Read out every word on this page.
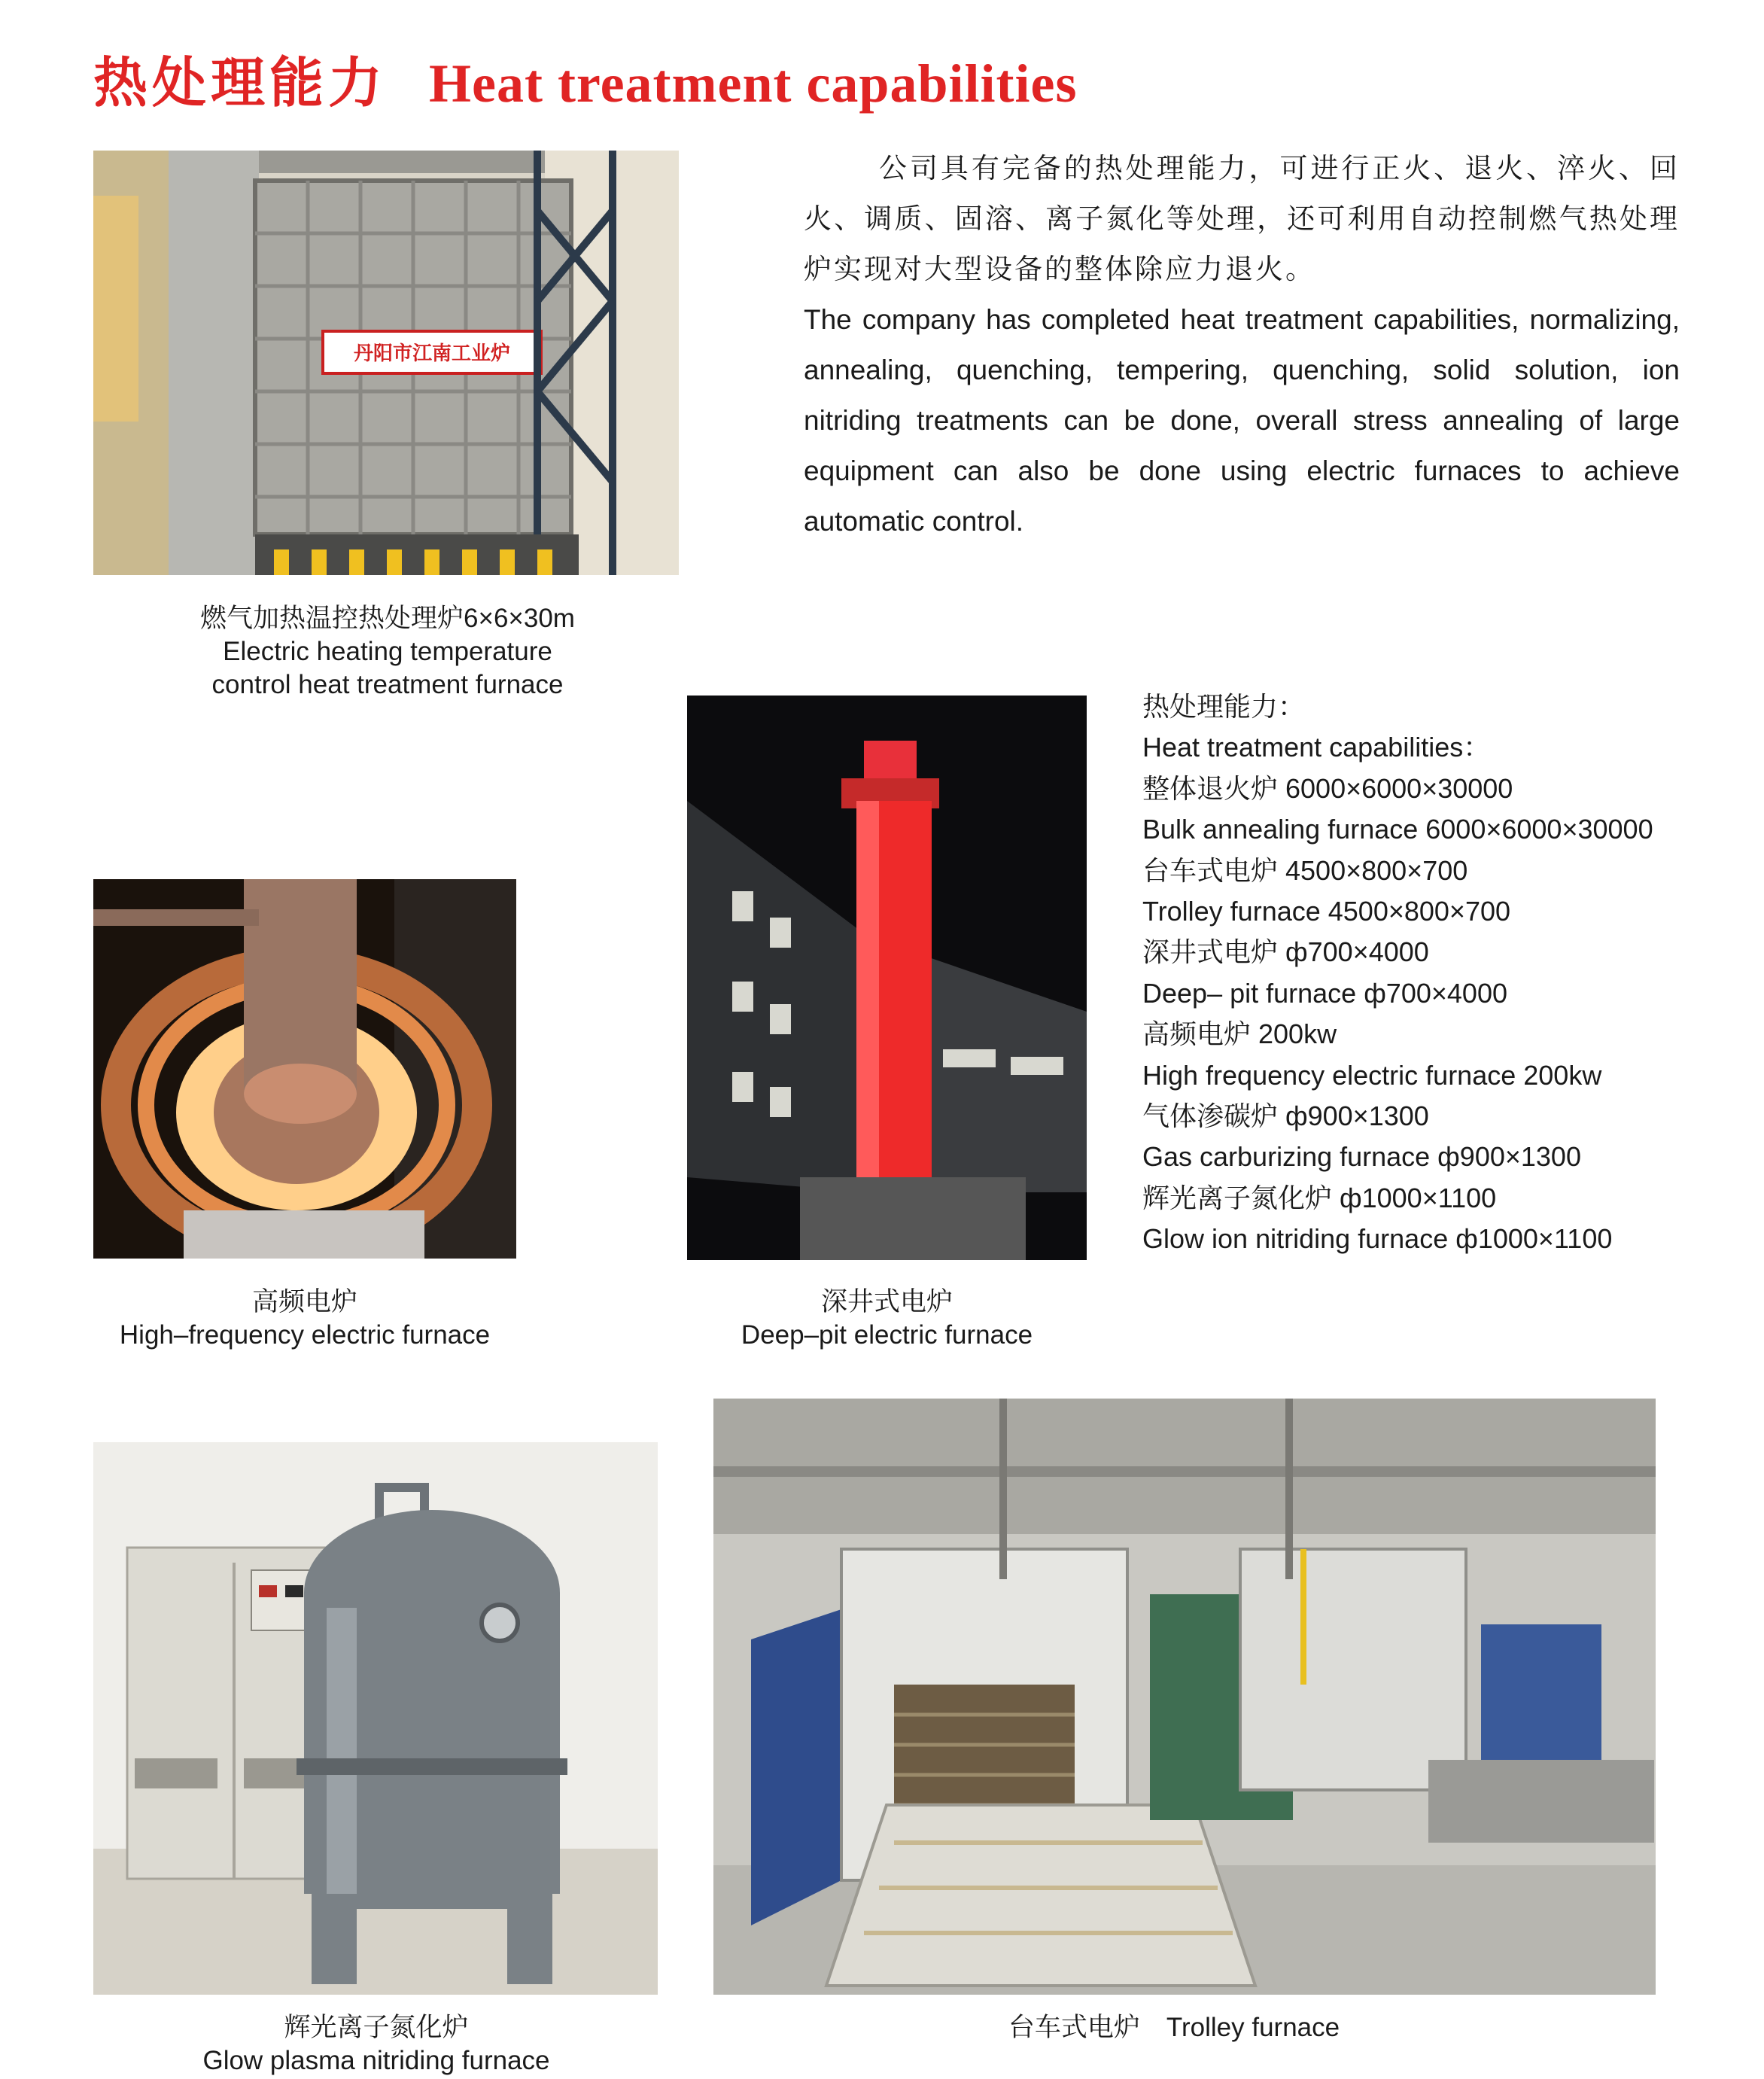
热处理能力 Heat treatment capabilities
丹阳市江南工业炉
燃气加热温控热处理炉6×6×30m
Electric heating temperature
control heat treatment furnace

公司具有完备的热处理能力，可进行正火、退火、淬火、回火、调质、固溶、离子氮化等处理，还可利用自动控制燃气热处理炉实现对大型设备的整体除应力退火。

The company has completed heat treatment capabilities, normalizing, annealing, quenching, tempering, quenching, solid solution, ion nitriding treatments can be done, overall stress annealing of large equipment can also be done using electric furnaces to achieve automatic control.

深井式电炉
Deep–pit electric furnace
热处理能力：
Heat treatment capabilities：
整体退火炉 6000×6000×30000
Bulk annealing furnace 6000×6000×30000
台车式电炉 4500×800×700
Trolley furnace 4500×800×700
深井式电炉 ф700×4000
Deep– pit furnace ф700×4000
高频电炉 200kw
High frequency electric furnace 200kw
气体渗碳炉 ф900×1300
Gas carburizing furnace ф900×1300
辉光离子氮化炉 ф1000×1100
Glow ion nitriding furnace ф1000×1100
高频电炉
High–frequency electric furnace
辉光离子氮化炉
Glow plasma nitriding furnace
台车式电炉　Trolley furnace
